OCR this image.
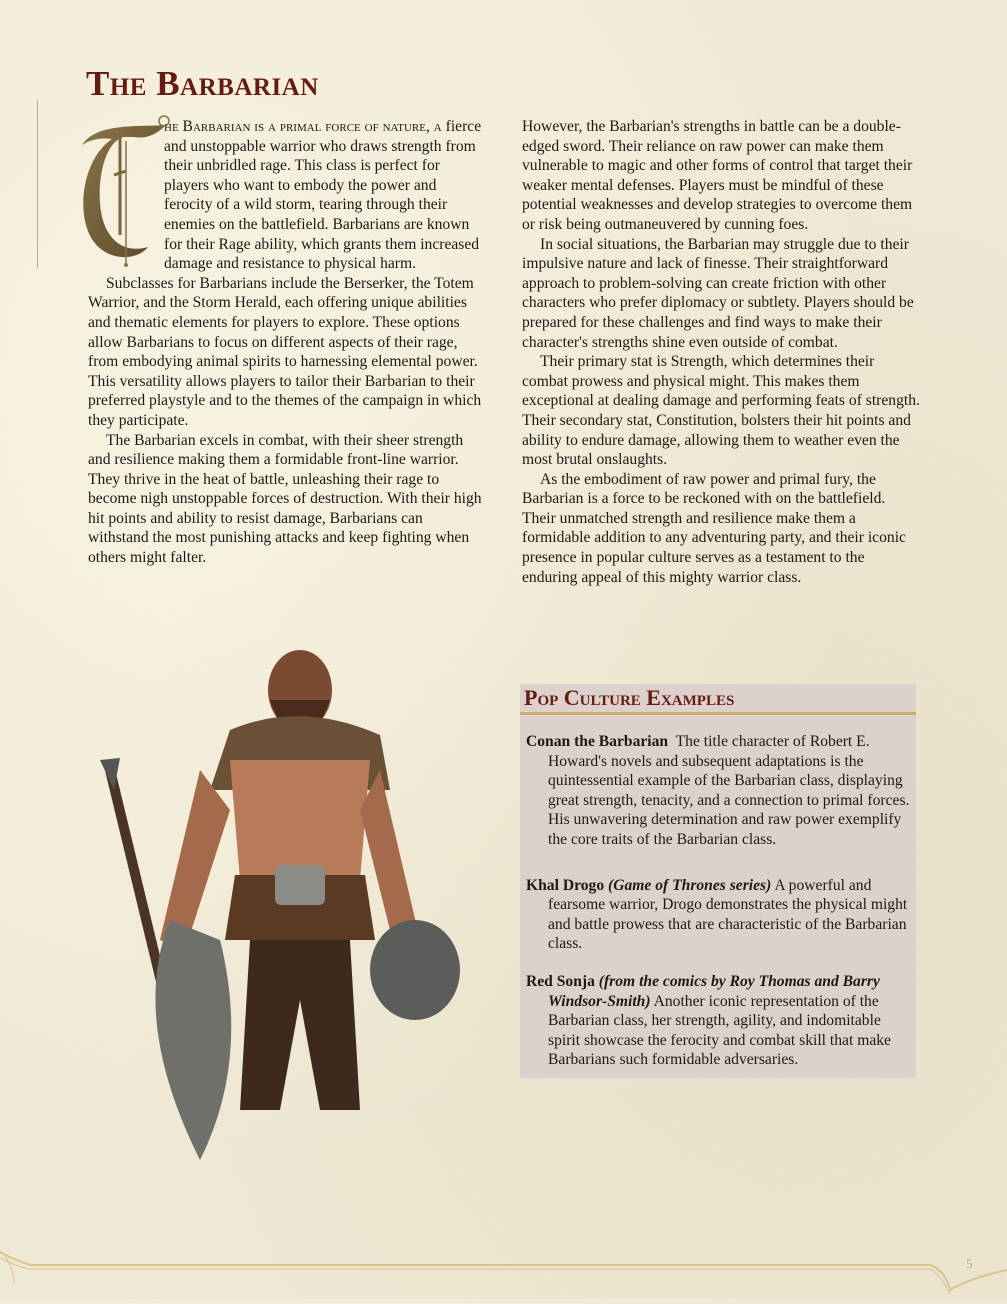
The Barbarian

he Barbarian is a primal force of nature, a fierce and unstoppable warrior who draws strength from their unbridled rage. This class is perfect for players who want to embody the power and ferocity of a wild storm, tearing through their enemies on the battlefield. Barbarians are known for their Rage ability, which grants them increased damage and resistance to physical harm.

Subclasses for Barbarians include the Berserker, the Totem Warrior, and the Storm Herald, each offering unique abilities and thematic elements for players to explore. These options allow Barbarians to focus on different aspects of their rage, from embodying animal spirits to harnessing elemental power. This versatility allows players to tailor their Barbarian to their preferred playstyle and to the themes of the campaign in which they participate.

The Barbarian excels in combat, with their sheer strength and resilience making them a formidable front-line warrior. They thrive in the heat of battle, unleashing their rage to become nigh unstoppable forces of destruction. With their high hit points and ability to resist damage, Barbarians can withstand the most punishing attacks and keep fighting when others might falter.

However, the Barbarian's strengths in battle can be a double-edged sword. Their reliance on raw power can make them vulnerable to magic and other forms of control that target their weaker mental defenses. Players must be mindful of these potential weaknesses and develop strategies to overcome them or risk being outmaneuvered by cunning foes.

In social situations, the Barbarian may struggle due to their impulsive nature and lack of finesse. Their straightforward approach to problem-solving can create friction with other characters who prefer diplomacy or subtlety. Players should be prepared for these challenges and find ways to make their character's strengths shine even outside of combat.

Their primary stat is Strength, which determines their combat prowess and physical might. This makes them exceptional at dealing damage and performing feats of strength. Their secondary stat, Constitution, bolsters their hit points and ability to endure damage, allowing them to weather even the most brutal onslaughts.

As the embodiment of raw power and primal fury, the Barbarian is a force to be reckoned with on the battlefield. Their unmatched strength and resilience make them a formidable addition to any adventuring party, and their iconic presence in popular culture serves as a testament to the enduring appeal of this mighty warrior class.

Pop Culture Examples
Conan the Barbarian The title character of Robert E. Howard's novels and subsequent adaptations is the quintessential example of the Barbarian class, displaying great strength, tenacity, and a connection to primal forces. His unwavering determination and raw power exemplify the core traits of the Barbarian class.
Khal Drogo (Game of Thrones series) A powerful and fearsome warrior, Drogo demonstrates the physical might and battle prowess that are characteristic of the Barbarian class.
Red Sonja (from the comics by Roy Thomas and Barry Windsor-Smith) Another iconic representation of the Barbarian class, her strength, agility, and indomitable spirit showcase the ferocity and combat skill that make Barbarians such formidable adversaries.
5
